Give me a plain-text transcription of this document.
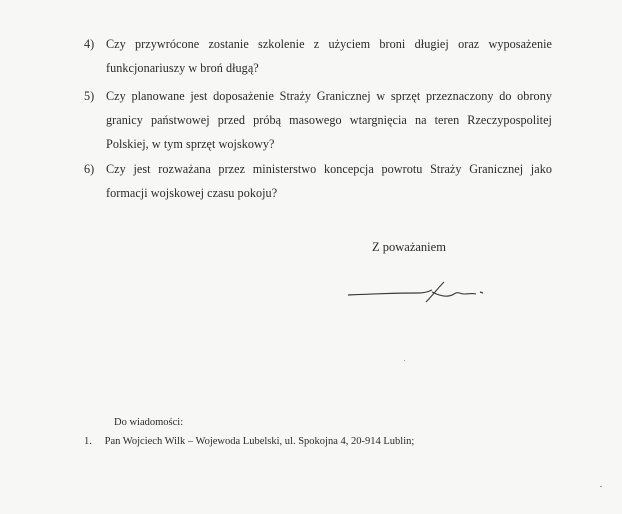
4) Czy przywrócone zostanie szkolenie z użyciem broni długiej oraz wyposażenie funkcjonariuszy w broń długą?
5) Czy planowane jest doposażenie Straży Granicznej w sprzęt przeznaczony do obrony granicy państwowej przed próbą masowego wtargnięcia na teren Rzeczypospolitej Polskiej, w tym sprzęt wojskowy?
6) Czy jest rozważana przez ministerstwo koncepcja powrotu Straży Granicznej jako formacji wojskowej czasu pokoju?
Z poważaniem
Do wiadomości:
1. Pan Wojciech Wilk – Wojewoda Lubelski, ul. Spokojna 4, 20-914 Lublin;
